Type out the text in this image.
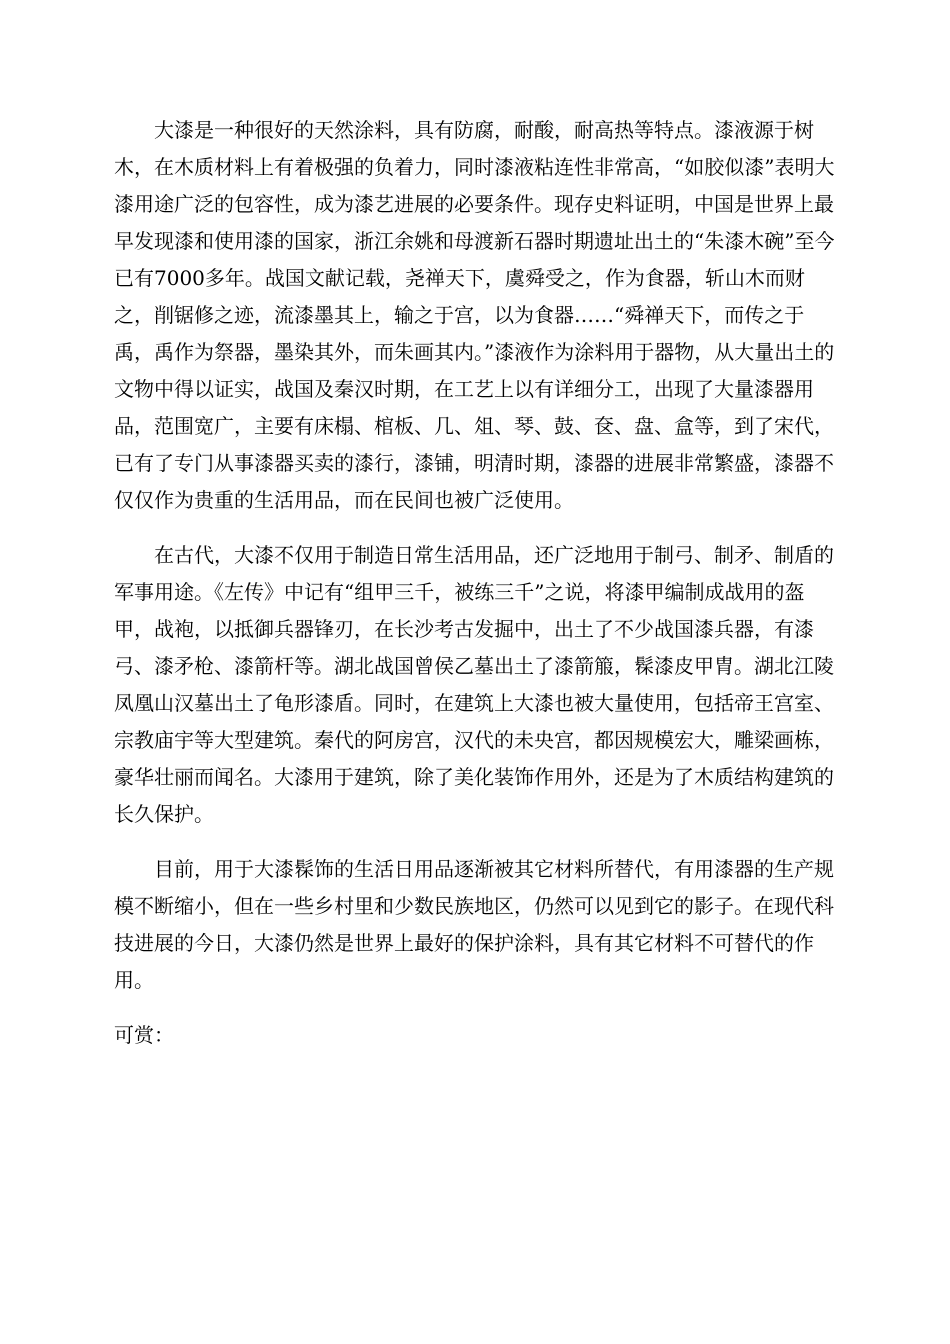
大漆是一种很好的天然涂料，具有防腐，耐酸，耐高热等特点。漆液源于树木，在木质材料上有着极强的负着力，同时漆液粘连性非常高，“如胶似漆”表明大漆用途广泛的包容性，成为漆艺进展的必要条件。现存史料证明，中国是世界上最早发现漆和使用漆的国家，浙江余姚和母渡新石器时期遗址出土的“朱漆木碗”至今已有7000多年。战国文献记载，尧禅天下，虞舜受之，作为食器，斩山木而财之，削锯修之迹，流漆墨其上，输之于宫，以为食器……“舜禅天下，而传之于禹，禹作为祭器，墨染其外，而朱画其内。”漆液作为涂料用于器物，从大量出土的文物中得以证实，战国及秦汉时期，在工艺上以有详细分工，出现了大量漆器用品，范围宽广，主要有床榻、棺板、几、俎、琴、鼓、奁、盘、盒等，到了宋代，已有了专门从事漆器买卖的漆行，漆铺，明清时期，漆器的进展非常繁盛，漆器不仅仅作为贵重的生活用品，而在民间也被广泛使用。

在古代，大漆不仅用于制造日常生活用品，还广泛地用于制弓、制矛、制盾的军事用途。《左传》中记有“组甲三千，被练三千”之说，将漆甲编制成战用的盔甲，战袍，以抵御兵器锋刃，在长沙考古发掘中，出土了不少战国漆兵器，有漆弓、漆矛枪、漆箭杆等。湖北战国曾侯乙墓出土了漆箭箙，髹漆皮甲胄。湖北江陵凤凰山汉墓出土了龟形漆盾。同时，在建筑上大漆也被大量使用，包括帝王宫室、宗教庙宇等大型建筑。秦代的阿房宫，汉代的未央宫，都因规模宏大，雕梁画栋，豪华壮丽而闻名。大漆用于建筑，除了美化装饰作用外，还是为了木质结构建筑的长久保护。

目前，用于大漆髹饰的生活日用品逐渐被其它材料所替代，有用漆器的生产规模不断缩小，但在一些乡村里和少数民族地区，仍然可以见到它的影子。在现代科技进展的今日，大漆仍然是世界上最好的保护涂料，具有其它材料不可替代的作用。

可赏：
